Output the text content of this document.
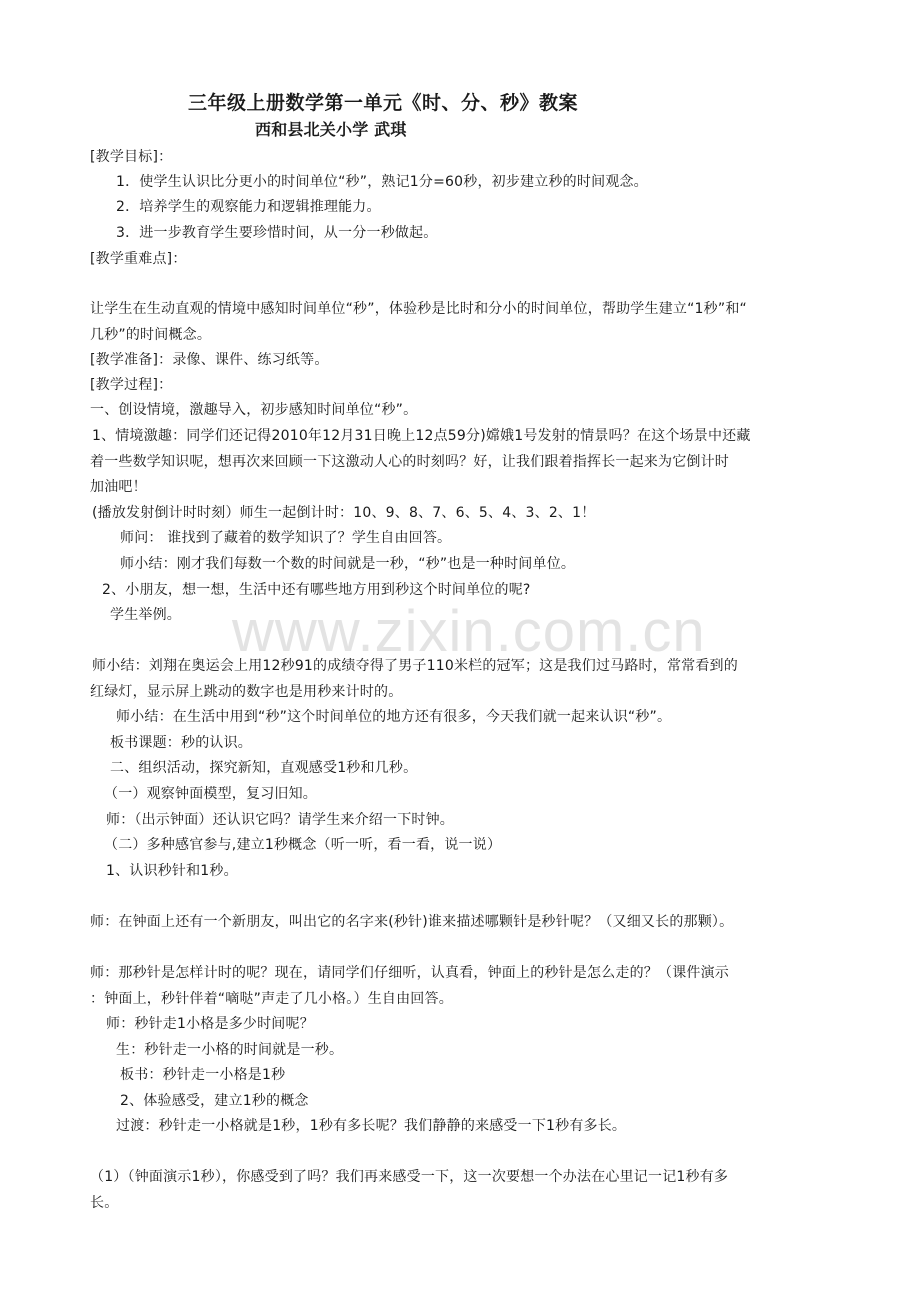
www.zixin.com.cn

三年级上册数学第一单元《时、分、秒》教案

西和县北关小学 武琪

[教学目标]：

1．使学生认识比分更小的时间单位“秒”，熟记1分=60秒，初步建立秒的时间观念。

2．培养学生的观察能力和逻辑推理能力。

3．进一步教育学生要珍惜时间，从一分一秒做起。

[教学重难点]：

让学生在生动直观的情境中感知时间单位“秒”，体验秒是比时和分小的时间单位，帮助学生建立“1秒”和“

几秒”的时间概念。

[教学准备]：录像、课件、练习纸等。

[教学过程]：

一、创设情境，激趣导入，初步感知时间单位“秒”。

1、情境激趣：同学们还记得2010年12月31日晚上12点59分)嫦娥1号发射的情景吗？在这个场景中还藏

着一些数学知识呢，想再次来回顾一下这激动人心的时刻吗？好，让我们跟着指挥长一起来为它倒计时

加油吧！

(播放发射倒计时时刻）师生一起倒计时：10、9、8、7、6、5、4、3、2、1！

师问： 谁找到了藏着的数学知识了？学生自由回答。

师小结：刚才我们每数一个数的时间就是一秒，“秒”也是一种时间单位。

2、小朋友，想一想，生活中还有哪些地方用到秒这个时间单位的呢?

学生举例。

师小结：刘翔在奥运会上用12秒91的成绩夺得了男子110米栏的冠军；这是我们过马路时，常常看到的

红绿灯，显示屏上跳动的数字也是用秒来计时的。

师小结：在生活中用到“秒”这个时间单位的地方还有很多，今天我们就一起来认识“秒”。

板书课题：秒的认识。

二、组织活动，探究新知，直观感受1秒和几秒。

（一）观察钟面模型，复习旧知。

师：（出示钟面）还认识它吗？请学生来介绍一下时钟。

（二）多种感官参与,建立1秒概念（听一听，看一看，说一说）

1、认识秒针和1秒。

师：在钟面上还有一个新朋友，叫出它的名字来(秒针)谁来描述哪颗针是秒针呢？（又细又长的那颗）。

师：那秒针是怎样计时的呢？现在，请同学们仔细听，认真看，钟面上的秒针是怎么走的？（课件演示

：钟面上，秒针伴着“嘀哒”声走了几小格。）生自由回答。

师：秒针走1小格是多少时间呢？

生：秒针走一小格的时间就是一秒。

板书：秒针走一小格是1秒

2、体验感受，建立1秒的概念

过渡：秒针走一小格就是1秒，1秒有多长呢？我们静静的来感受一下1秒有多长。

（1）（钟面演示1秒），你感受到了吗？我们再来感受一下，这一次要想一个办法在心里记一记1秒有多

长。
